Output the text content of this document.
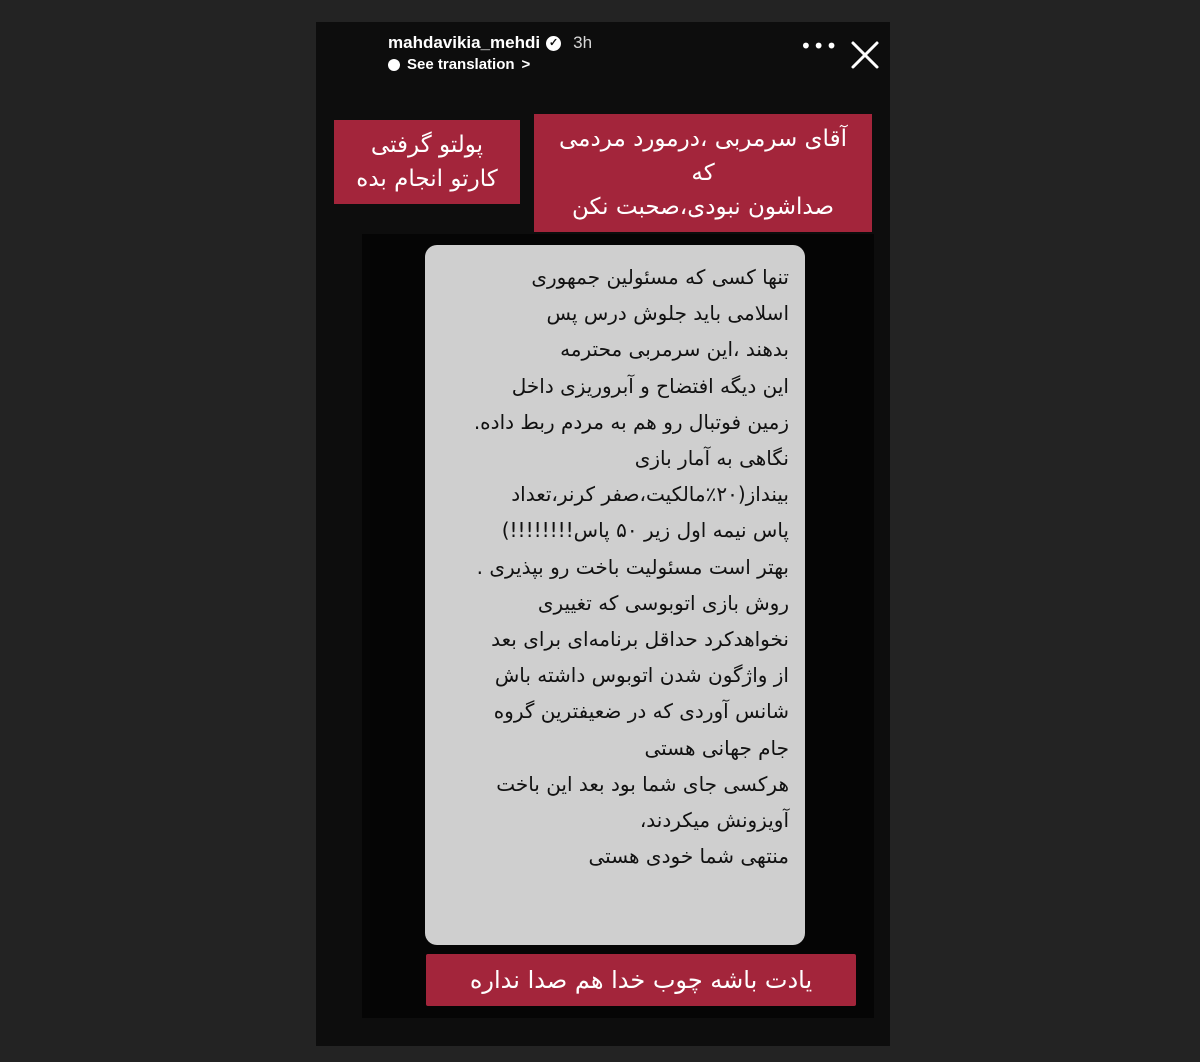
mahdavikia_mehdi ✓ 3h
See translation >
•••
آقای سرمربی ،درمورد مردمی که
صداشون نبودی،صحبت نکن
پولتو گرفتی
کارتو انجام بده
تنها کسی که مسئولین جمهوری
اسلامی باید جلوش درس پس
بدهند ،این سرمربی محترمه
این دیگه افتضاح و آبروریزی داخل
زمین فوتبال رو هم به مردم ربط داده.
نگاهی به آمار بازی
بینداز(۲۰٪مالکیت،صفر کرنر،تعداد
پاس نیمه اول زیر ۵۰ پاس!!!!!!!!)
بهتر است مسئولیت باخت رو بپذیری .
روش بازی اتوبوسی که تغییری
نخواهدکرد حداقل برنامه‌ای برای بعد
از واژگون شدن اتوبوس داشته باش
شانس آوردی که در ضعیفترین گروه
جام جهانی هستی
هرکسی جای شما بود بعد این باخت
آویزونش میکردند،
منتهی شما خودی هستی
یادت باشه چوب خدا هم صدا نداره
